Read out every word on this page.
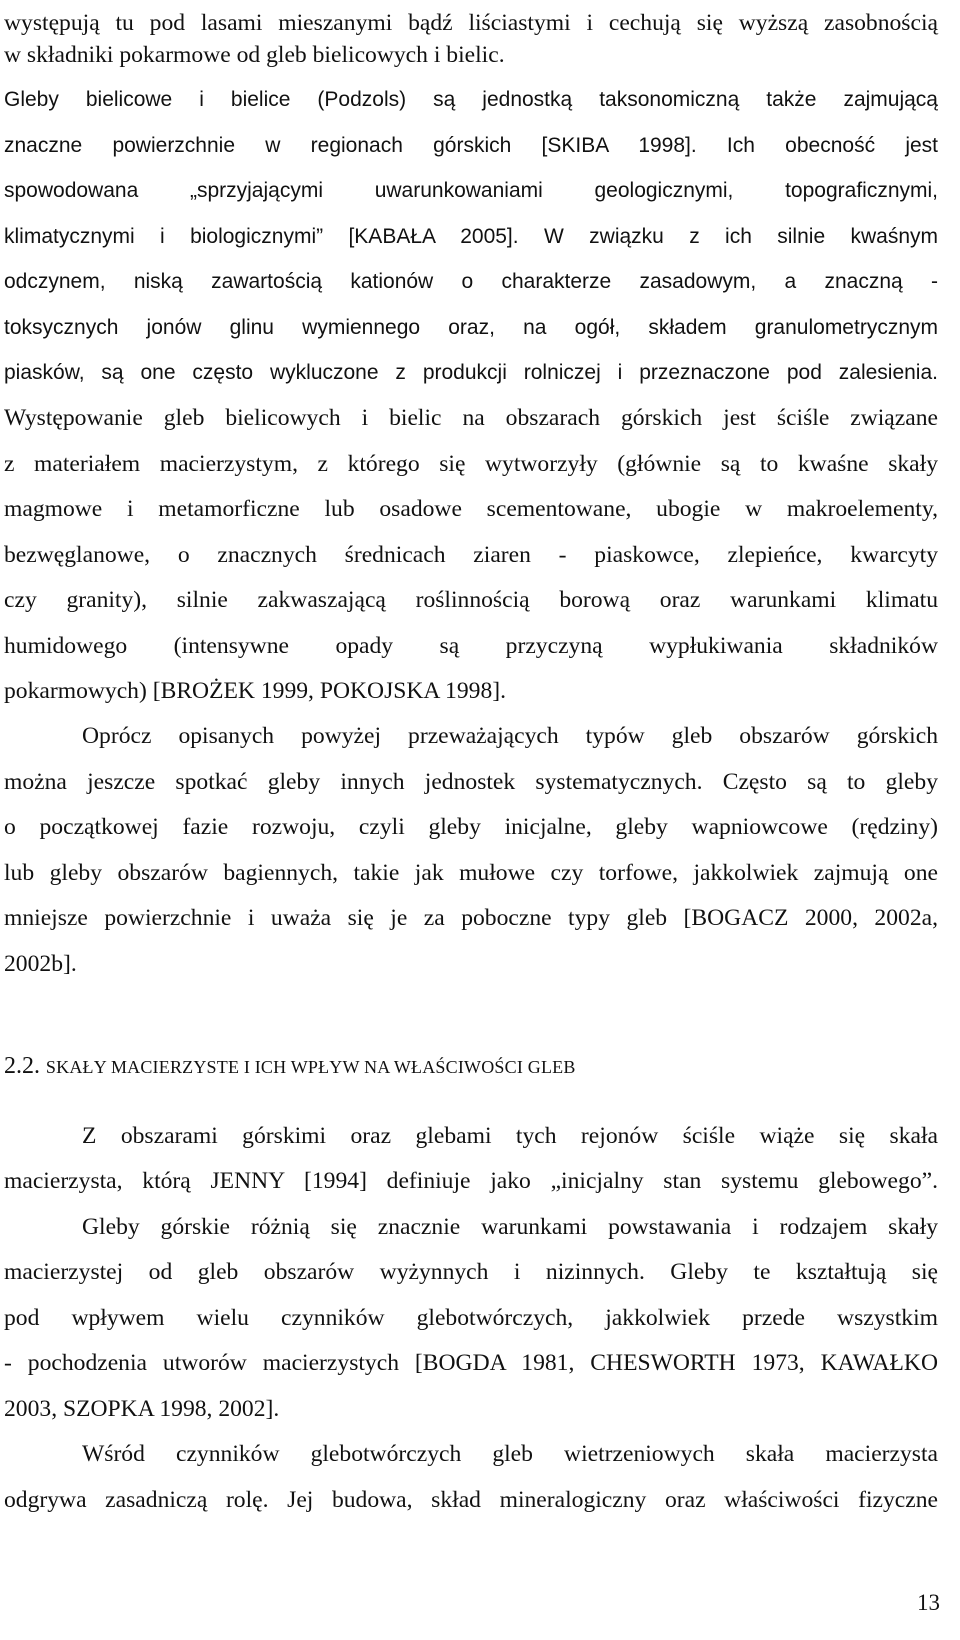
występują tu pod lasami mieszanymi bądź liściastymi i cechują się wyższą zasobnością
w składniki pokarmowe od gleb bielicowych i bielic.
Gleby bielicowe i bielice (Podzols) są jednostką taksonomiczną także zajmującą
znaczne powierzchnie w regionach górskich [SKIBA 1998]. Ich obecność jest
spowodowana „sprzyjającymi uwarunkowaniami geologicznymi, topograficznymi,
klimatycznymi i biologicznymi” [KABAŁA 2005]. W związku z ich silnie kwaśnym
odczynem, niską zawartością kationów o charakterze zasadowym, a znaczną -
toksycznych jonów glinu wymiennego oraz, na ogół, składem granulometrycznym
piasków, są one często wykluczone z produkcji rolniczej i przeznaczone pod zalesienia.
Występowanie gleb bielicowych i bielic na obszarach górskich jest ściśle związane
z materiałem macierzystym, z którego się wytworzyły (głównie są to kwaśne skały
magmowe i metamorficzne lub osadowe scementowane, ubogie w makroelementy,
bezwęglanowe, o znacznych średnicach ziaren - piaskowce, zlepieńce, kwarcyty
czy granity), silnie zakwaszającą roślinnością borową oraz warunkami klimatu
humidowego (intensywne opady są przyczyną wypłukiwania składników
pokarmowych) [BROŻEK 1999, POKOJSKA 1998].
Oprócz opisanych powyżej przeważających typów gleb obszarów górskich
można jeszcze spotkać gleby innych jednostek systematycznych. Często są to gleby
o początkowej fazie rozwoju, czyli gleby inicjalne, gleby wapniowcowe (rędziny)
lub gleby obszarów bagiennych, takie jak mułowe czy torfowe, jakkolwiek zajmują one
mniejsze powierzchnie i uważa się je za poboczne typy gleb [BOGACZ 2000, 2002a,
2002b].
2.2. SKAŁY MACIERZYSTE I ICH WPŁYW NA WŁAŚCIWOŚCI GLEB
Z obszarami górskimi oraz glebami tych rejonów ściśle wiąże się skała
macierzysta, którą JENNY [1994] definiuje jako „inicjalny stan systemu glebowego”.
Gleby górskie różnią się znacznie warunkami powstawania i rodzajem skały
macierzystej od gleb obszarów wyżynnych i nizinnych. Gleby te kształtują się
pod wpływem wielu czynników glebotwórczych, jakkolwiek przede wszystkim
- pochodzenia utworów macierzystych [BOGDA 1981, CHESWORTH 1973, KAWAŁKO
2003, SZOPKA 1998, 2002].
Wśród czynników glebotwórczych gleb wietrzeniowych skała macierzysta
odgrywa zasadniczą rolę. Jej budowa, skład mineralogiczny oraz właściwości fizyczne
13
